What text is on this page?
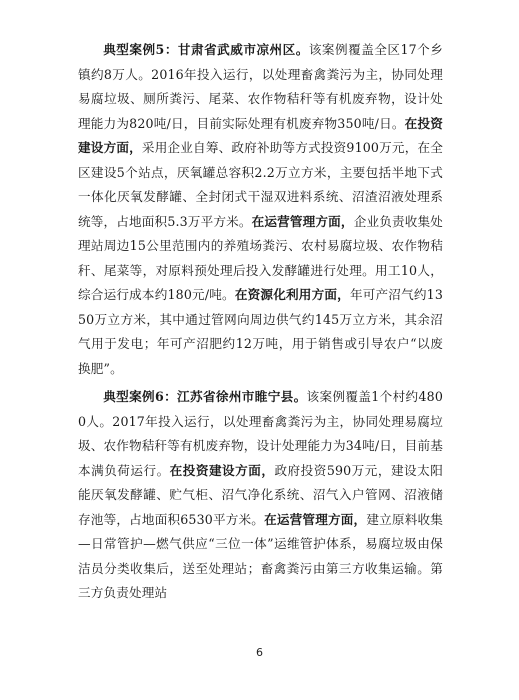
典型案例5：甘肃省武威市凉州区。该案例覆盖全区17个乡镇约8万人。2016年投入运行，以处理畜禽粪污为主，协同处理易腐垃圾、厕所粪污、尾菜、农作物秸秆等有机废弃物，设计处理能力为820吨/日，目前实际处理有机废弃物350吨/日。在投资建设方面，采用企业自筹、政府补助等方式投资9100万元，在全区建设5个站点，厌氧罐总容积2.2万立方米，主要包括半地下式一体化厌氧发酵罐、全封闭式干湿双进料系统、沼渣沼液处理系统等，占地面积5.3万平方米。在运营管理方面，企业负责收集处理站周边15公里范围内的养殖场粪污、农村易腐垃圾、农作物秸秆、尾菜等，对原料预处理后投入发酵罐进行处理。用工10人，综合运行成本约180元/吨。在资源化利用方面，年可产沼气约1350万立方米，其中通过管网向周边供气约145万立方米，其余沼气用于发电；年可产沼肥约12万吨，用于销售或引导农户“以废换肥”。

典型案例6：江苏省徐州市睢宁县。该案例覆盖1个村约4800人。2017年投入运行，以处理畜禽粪污为主，协同处理易腐垃圾、农作物秸秆等有机废弃物，设计处理能力为34吨/日，目前基本满负荷运行。在投资建设方面，政府投资590万元，建设太阳能厌氧发酵罐、贮气柜、沼气净化系统、沼气入户管网、沼液储存池等，占地面积6530平方米。在运营管理方面，建立原料收集—日常管护—燃气供应“三位一体”运维管护体系，易腐垃圾由保洁员分类收集后，送至处理站；畜禽粪污由第三方收集运输。第三方负责处理站

6
